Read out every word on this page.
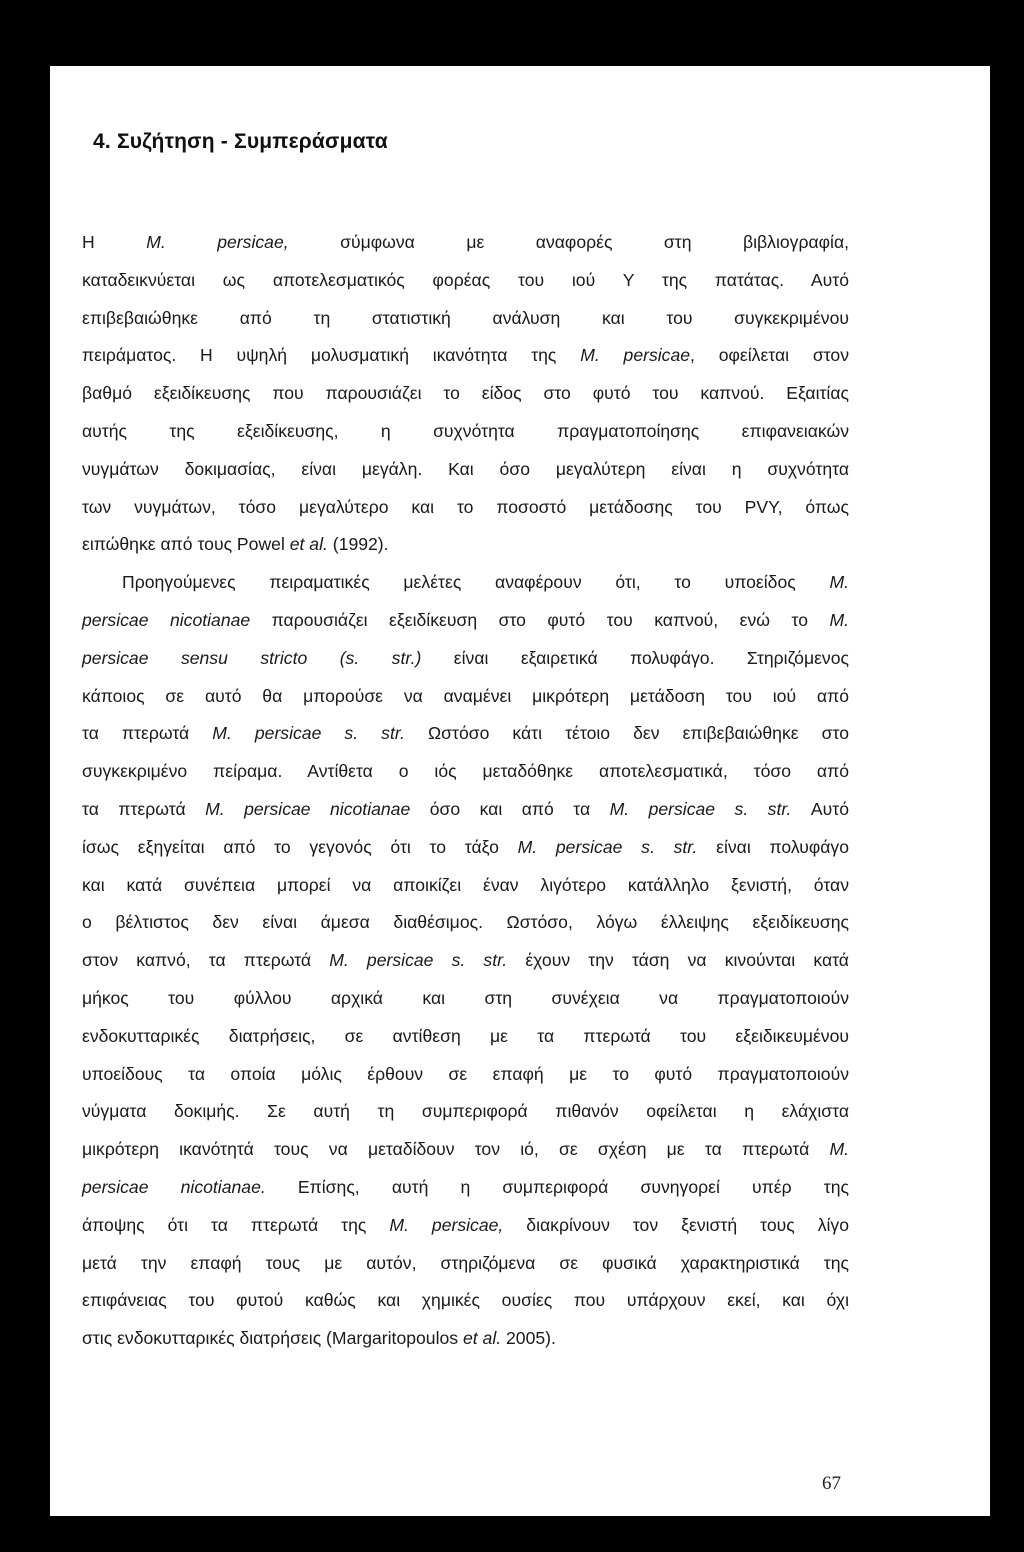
4. Συζήτηση - Συμπεράσματα
Η M. persicae, σύμφωνα με αναφορές στη βιβλιογραφία,
καταδεικνύεται ως αποτελεσματικός φορέας του ιού Υ της πατάτας. Αυτό
επιβεβαιώθηκε από τη στατιστική ανάλυση και του συγκεκριμένου
πειράματος. Η υψηλή μολυσματική ικανότητα της M. persicae, οφείλεται στον
βαθμό εξειδίκευσης που παρουσιάζει το είδος στο φυτό του καπνού. Εξαιτίας
αυτής της εξειδίκευσης, η συχνότητα πραγματοποίησης επιφανειακών
νυγμάτων δοκιμασίας, είναι μεγάλη. Και όσο μεγαλύτερη είναι η συχνότητα
των νυγμάτων, τόσο μεγαλύτερο και το ποσοστό μετάδοσης του PVY, όπως
ειπώθηκε από τους Powel et al. (1992).
Προηγούμενες πειραματικές μελέτες αναφέρουν ότι, το υποείδος M.
persicae nicotianae παρουσιάζει εξειδίκευση στο φυτό του καπνού, ενώ το M.
persicae sensu stricto (s. str.) είναι εξαιρετικά πολυφάγο. Στηριζόμενος
κάποιος σε αυτό θα μπορούσε να αναμένει μικρότερη μετάδοση του ιού από
τα πτερωτά M. persicae s. str. Ωστόσο κάτι τέτοιο δεν επιβεβαιώθηκε στο
συγκεκριμένο πείραμα. Αντίθετα ο ιός μεταδόθηκε αποτελεσματικά, τόσο από
τα πτερωτά M. persicae nicotianae όσο και από τα M. persicae s. str. Αυτό
ίσως εξηγείται από το γεγονός ότι το τάξο M. persicae s. str. είναι πολυφάγο
και κατά συνέπεια μπορεί να αποικίζει έναν λιγότερο κατάλληλο ξενιστή, όταν
ο βέλτιστος δεν είναι άμεσα διαθέσιμος. Ωστόσο, λόγω έλλειψης εξειδίκευσης
στον καπνό, τα πτερωτά M. persicae s. str. έχουν την τάση να κινούνται κατά
μήκος του φύλλου αρχικά και στη συνέχεια να πραγματοποιούν
ενδοκυτταρικές διατρήσεις, σε αντίθεση με τα πτερωτά του εξειδικευμένου
υποείδους τα οποία μόλις έρθουν σε επαφή με το φυτό πραγματοποιούν
νύγματα δοκιμής. Σε αυτή τη συμπεριφορά πιθανόν οφείλεται η ελάχιστα
μικρότερη ικανότητά τους να μεταδίδουν τον ιό, σε σχέση με τα πτερωτά M.
persicae nicotianae. Επίσης, αυτή η συμπεριφορά συνηγορεί υπέρ της
άποψης ότι τα πτερωτά της M. persicae, διακρίνουν τον ξενιστή τους λίγο
μετά την επαφή τους με αυτόν, στηριζόμενα σε φυσικά χαρακτηριστικά της
επιφάνειας του φυτού καθώς και χημικές ουσίες που υπάρχουν εκεί, και όχι
στις ενδοκυτταρικές διατρήσεις (Margaritopoulos et al. 2005).
67
